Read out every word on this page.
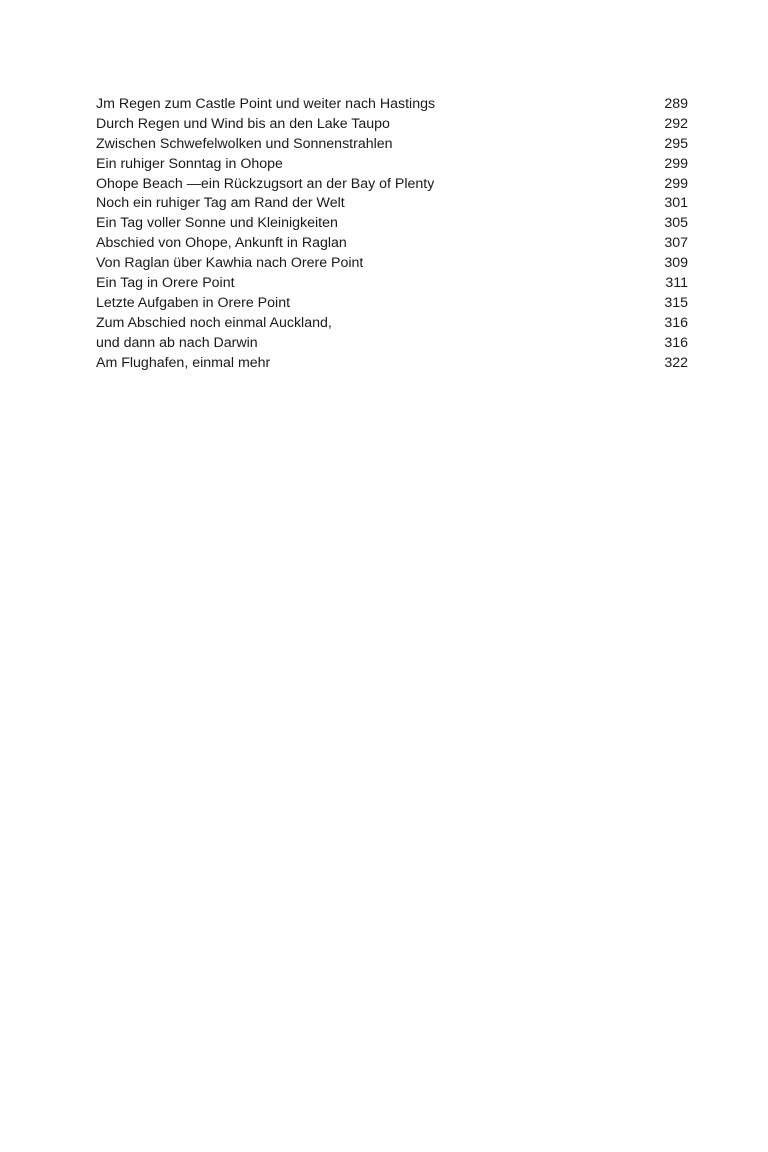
Jm Regen zum Castle Point und weiter nach Hastings	289
Durch Regen und Wind bis an den Lake Taupo	292
Zwischen Schwefelwolken und Sonnenstrahlen	295
Ein ruhiger Sonntag in Ohope	299
Ohope Beach —ein Rückzugsort an der Bay of Plenty	299
Noch ein ruhiger Tag am Rand der Welt	301
Ein Tag voller Sonne und Kleinigkeiten	305
Abschied von Ohope, Ankunft in Raglan	307
Von Raglan über Kawhia nach Orere Point	309
Ein Tag in Orere Point	311
Letzte Aufgaben in Orere Point	315
Zum Abschied noch einmal Auckland,	316
und dann ab nach Darwin	316
Am Flughafen, einmal mehr	322
